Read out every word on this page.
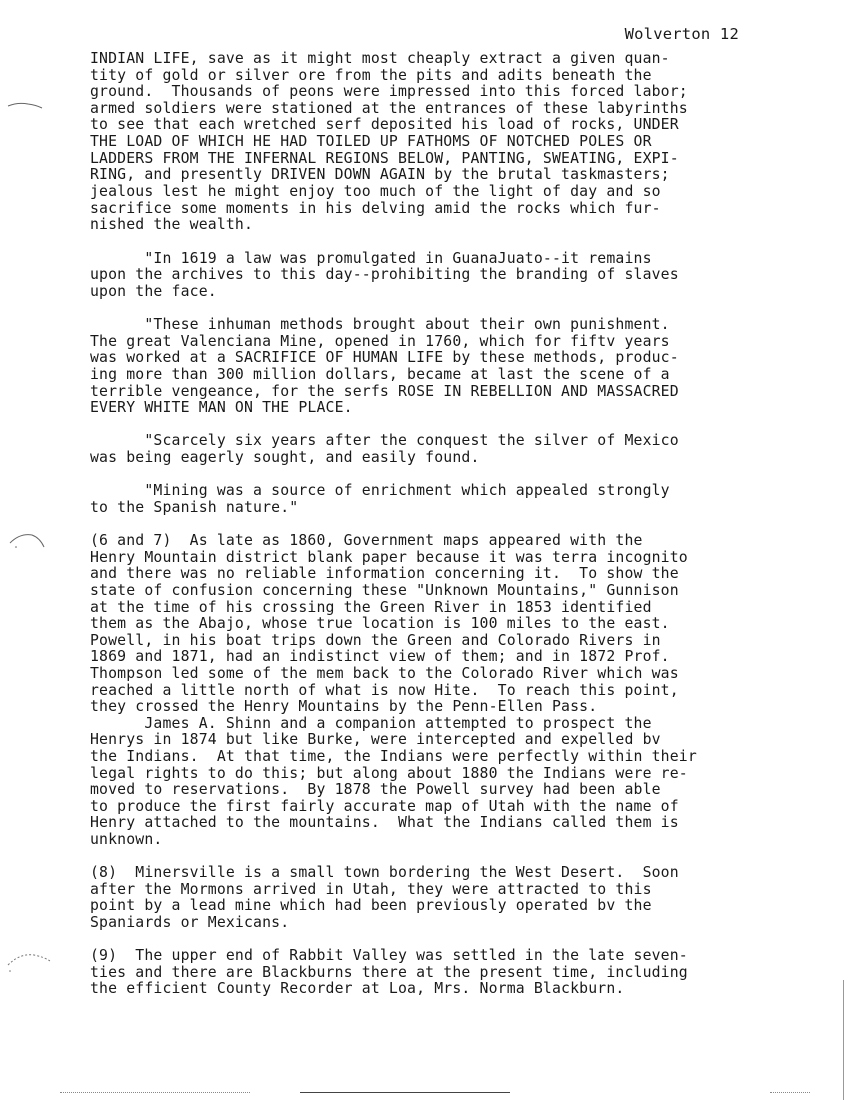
Wolverton 12
INDIAN LIFE, save as it might most cheaply extract a given quan-
tity of gold or silver ore from the pits and adits beneath the
ground.  Thousands of peons were impressed into this forced labor;
armed soldiers were stationed at the entrances of these labyrinths
to see that each wretched serf deposited his load of rocks, UNDER
THE LOAD OF WHICH HE HAD TOILED UP FATHOMS OF NOTCHED POLES OR
LADDERS FROM THE INFERNAL REGIONS BELOW, PANTING, SWEATING, EXPI-
RING, and presently DRIVEN DOWN AGAIN by the brutal taskmasters;
jealous lest he might enjoy too much of the light of day and so
sacrifice some moments in his delving amid the rocks which fur-
nished the wealth.
"In 1619 a law was promulgated in GuanaJuato--it remains
upon the archives to this day--prohibiting the branding of slaves
upon the face.
"These inhuman methods brought about their own punishment.
The great Valenciana Mine, opened in 1760, which for fiftv years
was worked at a SACRIFICE OF HUMAN LIFE by these methods, produc-
ing more than 300 million dollars, became at last the scene of a
terrible vengeance, for the serfs ROSE IN REBELLION AND MASSACRED
EVERY WHITE MAN ON THE PLACE.
"Scarcely six years after the conquest the silver of Mexico
was being eagerly sought, and easily found.
"Mining was a source of enrichment which appealed strongly
to the Spanish nature."
(6 and 7)  As late as 1860, Government maps appeared with the
Henry Mountain district blank paper because it was terra incognito
and there was no reliable information concerning it.  To show the
state of confusion concerning these "Unknown Mountains," Gunnison
at the time of his crossing the Green River in 1853 identified
them as the Abajo, whose true location is 100 miles to the east.
Powell, in his boat trips down the Green and Colorado Rivers in
1869 and 1871, had an indistinct view of them; and in 1872 Prof.
Thompson led some of the mem back to the Colorado River which was
reached a little north of what is now Hite.  To reach this point,
they crossed the Henry Mountains by the Penn-Ellen Pass.
James A. Shinn and a companion attempted to prospect the
Henrys in 1874 but like Burke, were intercepted and expelled bv
the Indians.  At that time, the Indians were perfectly within their
legal rights to do this; but along about 1880 the Indians were re-
moved to reservations.  By 1878 the Powell survey had been able
to produce the first fairly accurate map of Utah with the name of
Henry attached to the mountains.  What the Indians called them is
unknown.
(8)  Minersville is a small town bordering the West Desert.  Soon
after the Mormons arrived in Utah, they were attracted to this
point by a lead mine which had been previously operated bv the
Spaniards or Mexicans.
(9)  The upper end of Rabbit Valley was settled in the late seven-
ties and there are Blackburns there at the present time, including
the efficient County Recorder at Loa, Mrs. Norma Blackburn.
